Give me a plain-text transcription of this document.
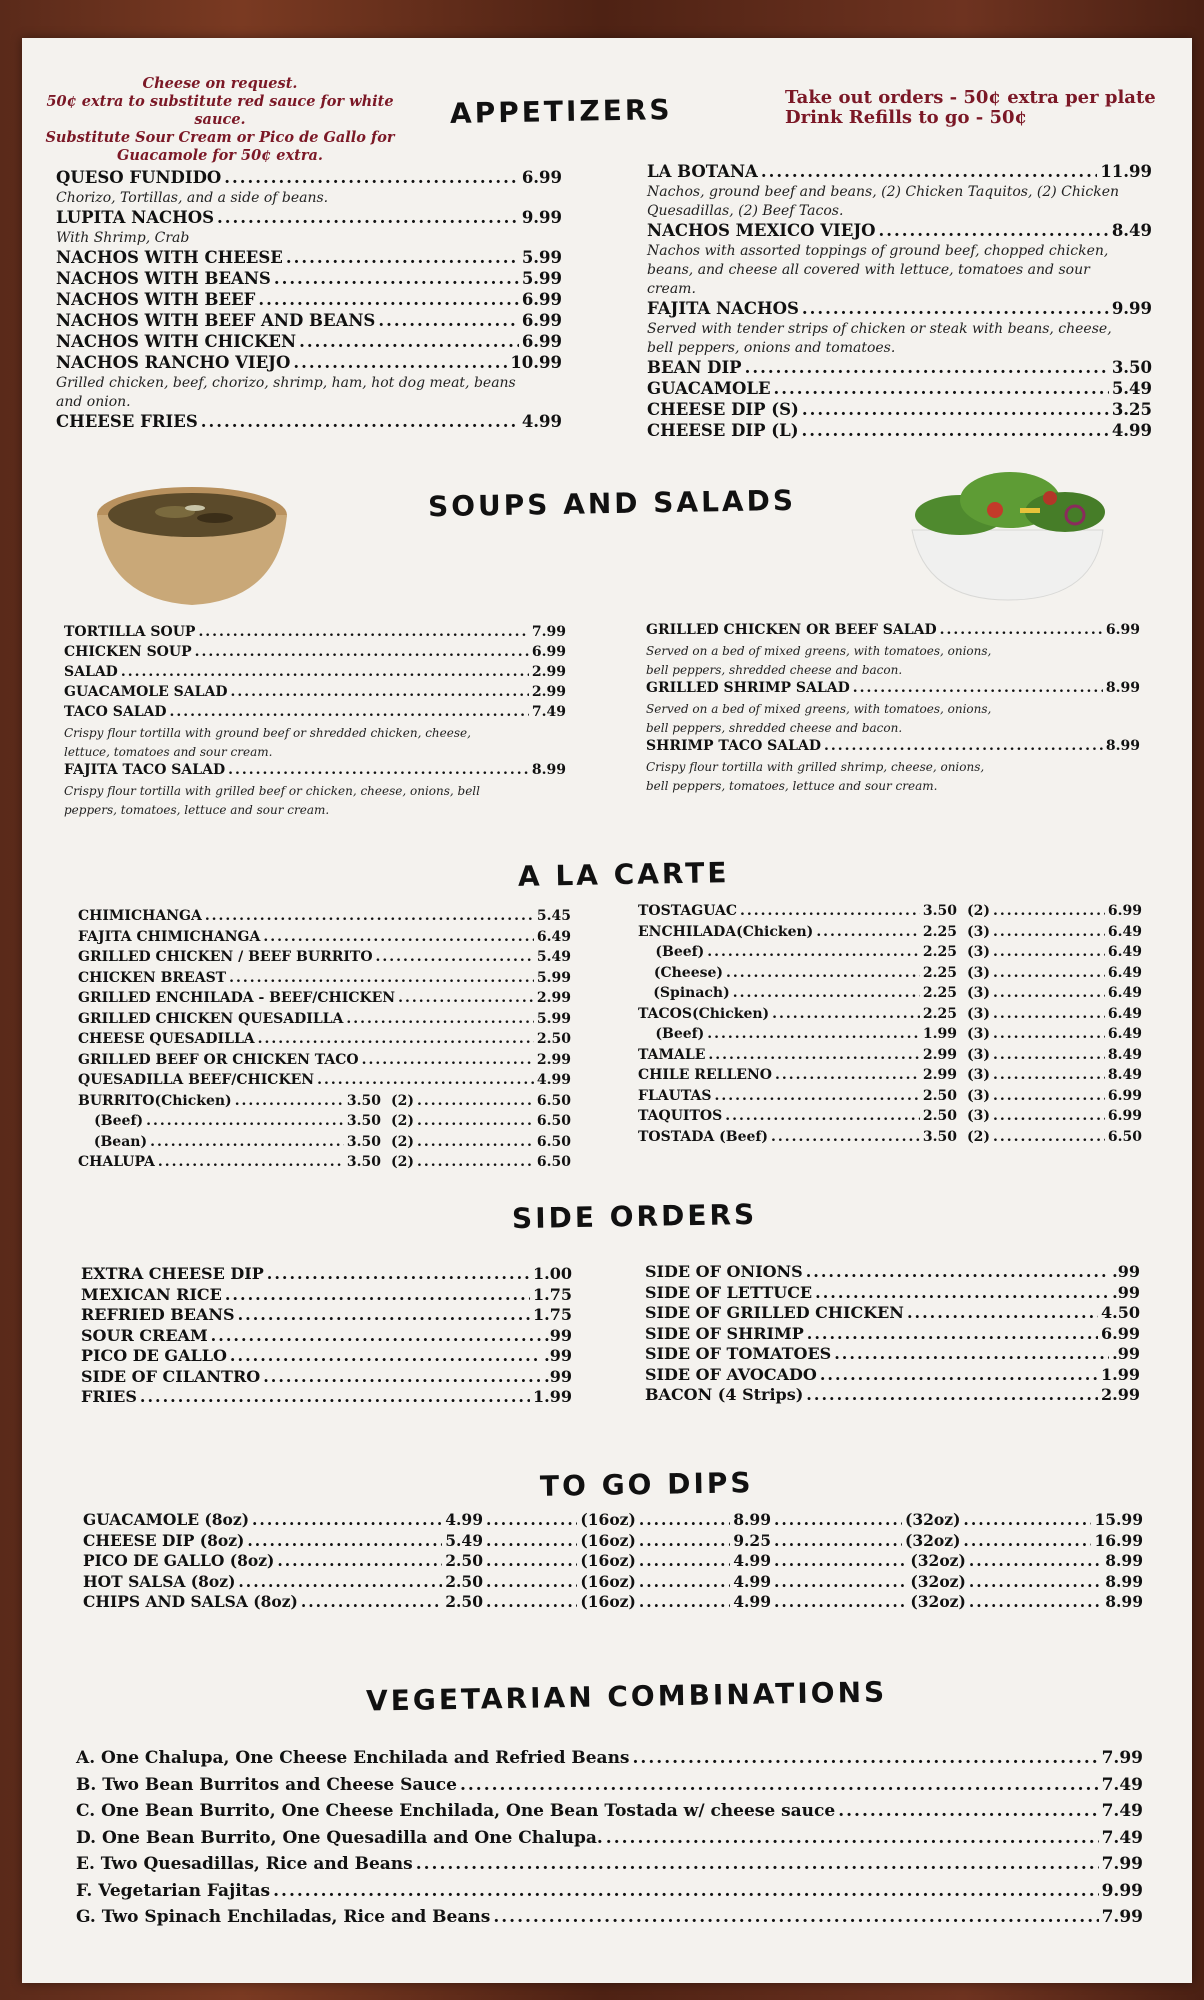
Cheese on request.
50¢ extra to substitute red sauce for white sauce.
Substitute Sour Cream or Pico de Gallo for
Guacamole for 50¢ extra.
APPETIZERS	Take out orders - 50¢ extra per plate
Drink Refills to go - 50¢
QUESO FUNDIDO .....	6.99
Chorizo, Tortillas, and a side of beans.
LUPITA NACHOS .....	9.99
With Shrimp, Crab
NACHOS WITH CHEESE .....	5.99
NACHOS WITH BEANS .....	5.99
NACHOS WITH BEEF .....	6.99
NACHOS WITH BEEF AND BEANS .....	6.99
NACHOS WITH CHICKEN .....	6.99
NACHOS RANCHO VIEJO .....	10.99
Grilled chicken, beef, chorizo, shrimp, ham, hot dog meat, beans and onion.
CHEESE FRIES .....	4.99
LA BOTANA .....	11.99
Nachos, ground beef and beans, (2) Chicken Taquitos, (2) Chicken Quesadillas, (2) Beef Tacos.
NACHOS MEXICO VIEJO .....	8.49
Nachos with assorted toppings of ground beef, chopped chicken, beans, and cheese all covered with lettuce, tomatoes and sour cream.
FAJITA NACHOS .....	9.99
Served with tender strips of chicken or steak with beans, cheese, bell peppers, onions and tomatoes.
BEAN DIP .....	3.50
GUACAMOLE .....	5.49
CHEESE DIP (S) .....	3.25
CHEESE DIP (L) .....	4.99
SOUPS AND SALADS
TORTILLA SOUP .....	7.99
CHICKEN SOUP .....	6.99
SALAD .....	2.99
GUACAMOLE SALAD .....	2.99
TACO SALAD .....	7.49
Crispy flour tortilla with ground beef or shredded chicken, cheese, lettuce, tomatoes and sour cream.
FAJITA TACO SALAD .....	8.99
Crispy flour tortilla with grilled beef or chicken, cheese, onions, bell peppers, tomatoes, lettuce and sour cream.
GRILLED CHICKEN OR BEEF SALAD .....	6.99
Served on a bed of mixed greens, with tomatoes, onions, bell peppers, shredded cheese and bacon.
GRILLED SHRIMP SALAD .....	8.99
Served on a bed of mixed greens, with tomatoes, onions, bell peppers, shredded cheese and bacon.
SHRIMP TACO SALAD .....	8.99
Crispy flour tortilla with grilled shrimp, cheese, onions, bell peppers, tomatoes, lettuce and sour cream.
A LA CARTE
CHIMICHANGA .....	5.45
FAJITA CHIMICHANGA .....	6.49
GRILLED CHICKEN / BEEF BURRITO .....	5.49
CHICKEN BREAST .....	5.99
GRILLED ENCHILADA - BEEF/CHICKEN .....	2.99
GRILLED CHICKEN QUESADILLA .....	5.99
CHEESE QUESADILLA .....	2.50
GRILLED BEEF OR CHICKEN TACO .....	2.99
QUESADILLA BEEF/CHICKEN .....	4.99
BURRITO (Chicken) .....	3.50 (2) .....	6.50
(Beef) .....	3.50 (2) .....	6.50
(Bean) .....	3.50 (2) .....	6.50
CHALUPA .....	3.50 (2) .....	6.50
TOSTAGUAC .....	3.50 (2) .....	6.99
ENCHILADA (Chicken) .....	2.25 (3) .....	6.49
(Beef) .....	2.25 (3) .....	6.49
(Cheese) .....	2.25 (3) .....	6.49
(Spinach) .....	2.25 (3) .....	6.49
TACOS (Chicken) .....	2.25 (3) .....	6.49
(Beef) .....	1.99 (3) .....	6.49
TAMALE .....	2.99 (3) .....	8.49
CHILE RELLENO .....	2.99 (3) .....	8.49
FLAUTAS .....	2.50 (3) .....	6.99
TAQUITOS .....	2.50 (3) .....	6.99
TOSTADA (Beef) .....	3.50 (2) .....	6.50
SIDE ORDERS
EXTRA CHEESE DIP .....	1.00
MEXICAN RICE .....	1.75
REFRIED BEANS .....	1.75
SOUR CREAM .....	.99
PICO DE GALLO .....	.99
SIDE OF CILANTRO .....	.99
FRIES .....	1.99
SIDE OF ONIONS .....	.99
SIDE OF LETTUCE .....	.99
SIDE OF GRILLED CHICKEN .....	4.50
SIDE OF SHRIMP .....	6.99
SIDE OF TOMATOES .....	.99
SIDE OF AVOCADO .....	1.99
BACON (4 Strips) .....	2.99
TO GO DIPS
GUACAMOLE (8oz) .....	4.99 .....	(16oz) .....	8.99 .....	(32oz) .....	15.99
CHEESE DIP (8oz) .....	5.49 .....	(16oz) .....	9.25 .....	(32oz) .....	16.99
PICO DE GALLO (8oz) .....	2.50 .....	(16oz) .....	4.99 .....	(32oz) .....	8.99
HOT SALSA (8oz) .....	2.50 .....	(16oz) .....	4.99 .....	(32oz) .....	8.99
CHIPS AND SALSA (8oz) .....	2.50 .....	(16oz) .....	4.99 .....	(32oz) .....	8.99
VEGETARIAN COMBINATIONS
A. One Chalupa, One Cheese Enchilada and Refried Beans .....	7.99
B. Two Bean Burritos and Cheese Sauce .....	7.49
C. One Bean Burrito, One Cheese Enchilada, One Bean Tostada w/ cheese sauce .....	7.49
D. One Bean Burrito, One Quesadilla and One Chalupa. .....	7.49
E. Two Quesadillas, Rice and Beans .....	7.99
F. Vegetarian Fajitas .....	9.99
G. Two Spinach Enchiladas, Rice and Beans .....	7.99
